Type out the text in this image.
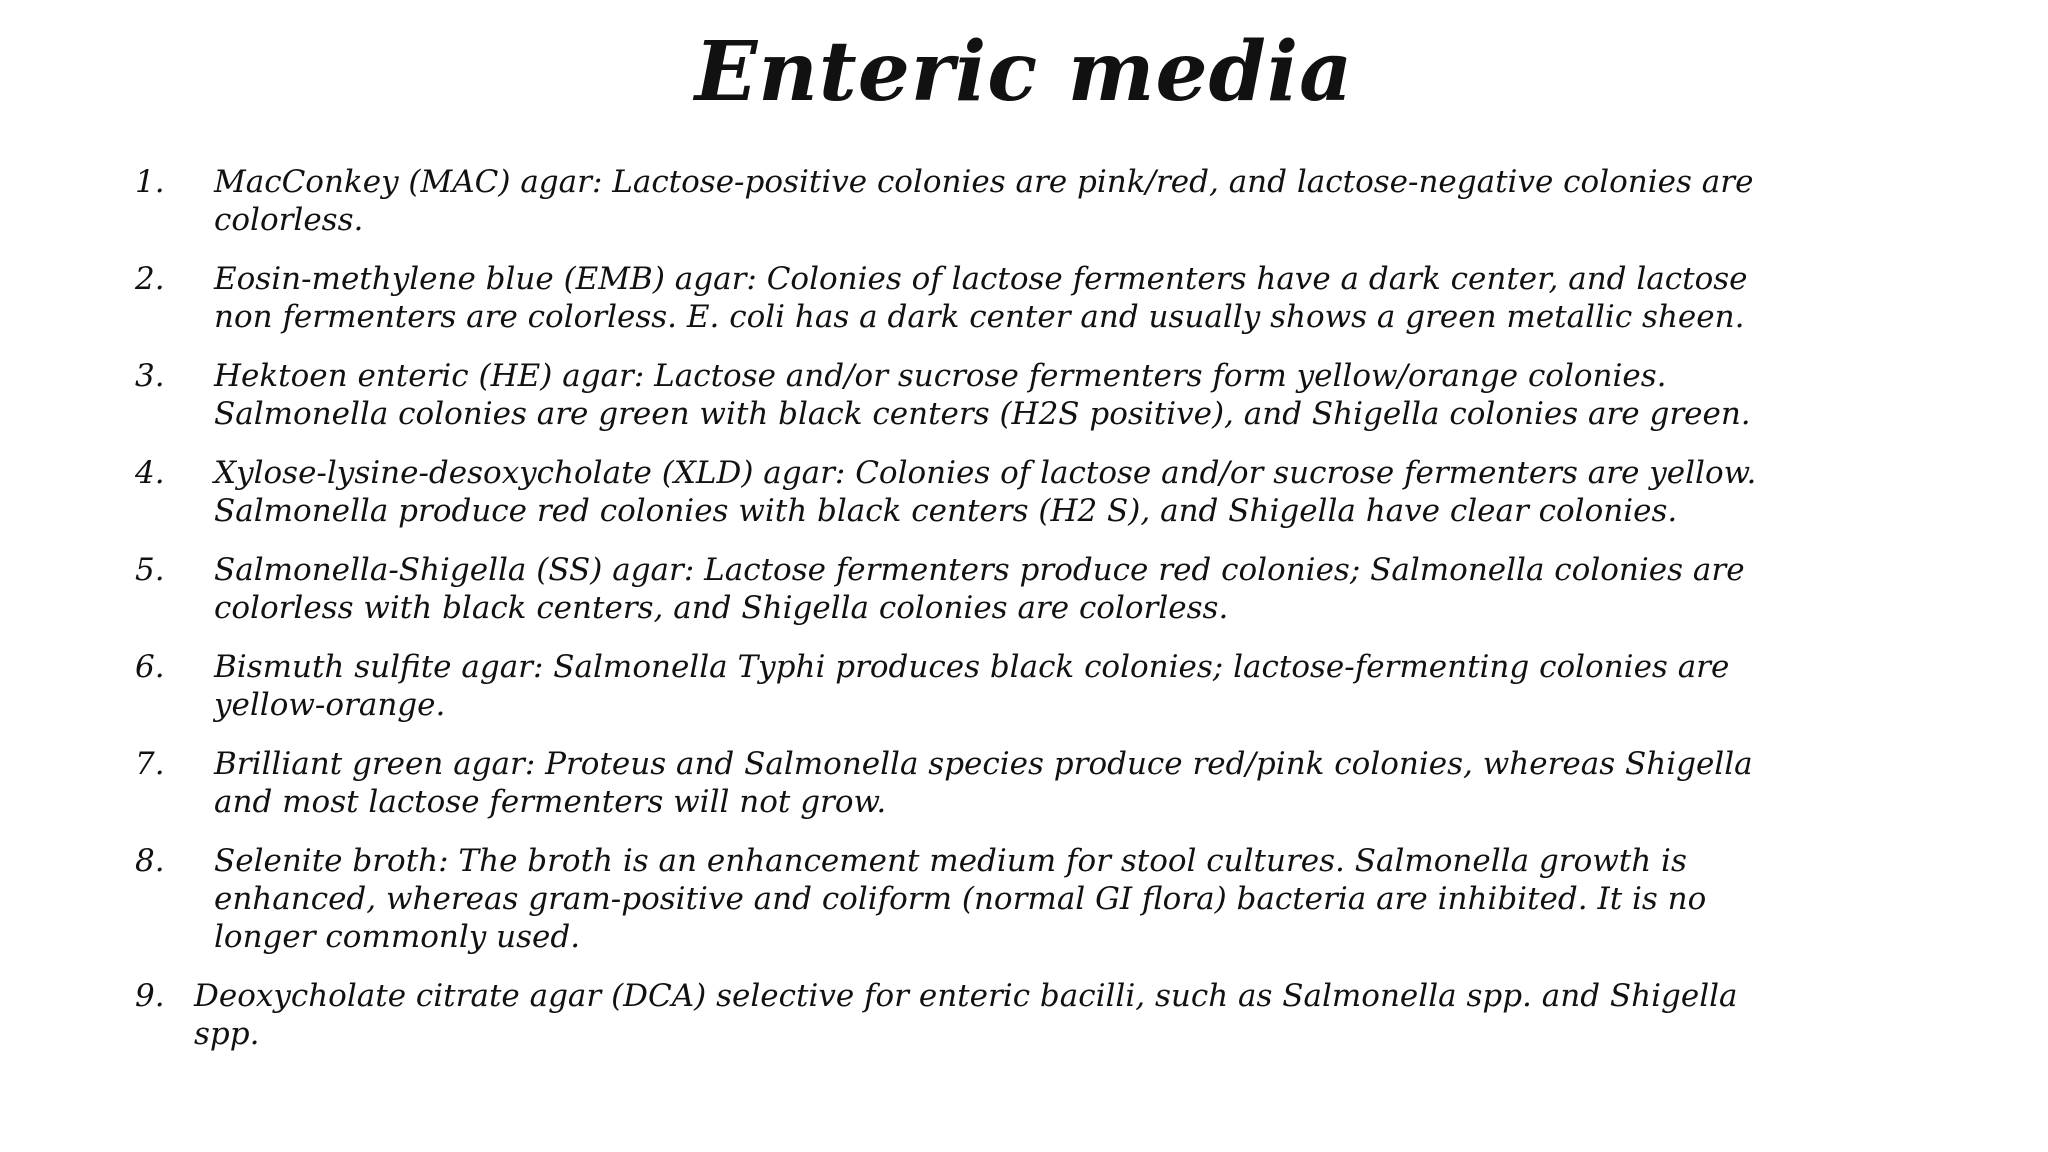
Enteric media
1.	MacConkey (MAC) agar: Lactose-positive colonies are pink/red, and lactose-negative colonies are
colorless.
2.	Eosin-methylene blue (EMB) agar: Colonies of lactose fermenters have a dark center, and lactose
non fermenters are colorless. E. coli has a dark center and usually shows a green metallic sheen.
3.	Hektoen enteric (HE) agar: Lactose and/or sucrose fermenters form yellow/orange colonies.
Salmonella colonies are green with black centers (H2S positive), and Shigella colonies are green.
4.	Xylose-lysine-desoxycholate (XLD) agar: Colonies of lactose and/or sucrose fermenters are yellow.
Salmonella produce red colonies with black centers (H2 S), and Shigella have clear colonies.
5.	Salmonella-Shigella (SS) agar: Lactose fermenters produce red colonies; Salmonella colonies are
colorless with black centers, and Shigella colonies are colorless.
6.	Bismuth sulfite agar: Salmonella Typhi produces black colonies; lactose-fermenting colonies are
yellow-orange.
7.	Brilliant green agar: Proteus and Salmonella species produce red/pink colonies, whereas Shigella
and most lactose fermenters will not grow.
8.	Selenite broth: The broth is an enhancement medium for stool cultures. Salmonella growth is
enhanced, whereas gram-positive and coliform (normal GI flora) bacteria are inhibited. It is no
longer commonly used.
9. Deoxycholate citrate agar (DCA) selective for enteric bacilli, such as Salmonella spp. and Shigella
spp.
